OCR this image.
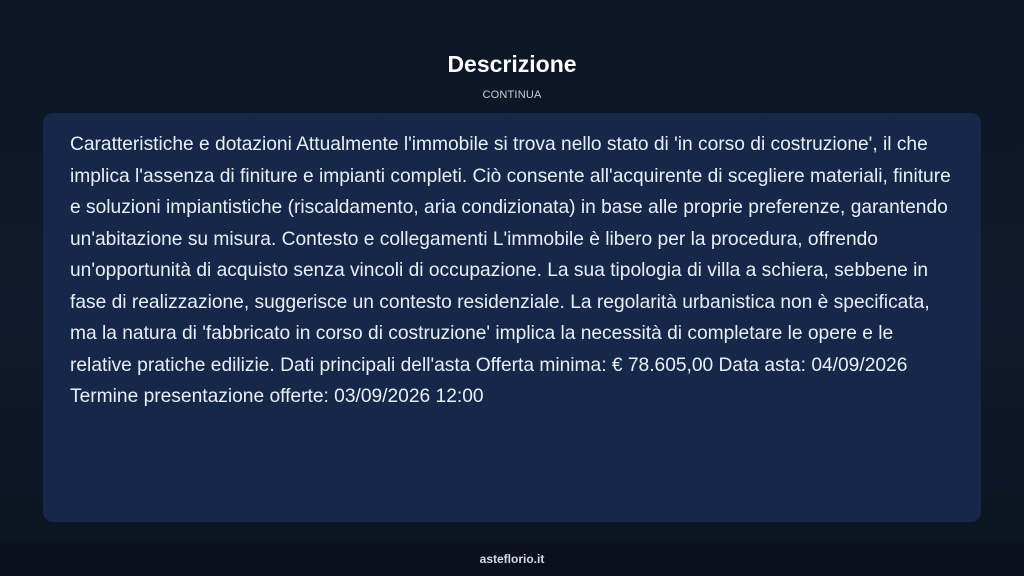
Descrizione
CONTINUA

Caratteristiche e dotazioni Attualmente l'immobile si trova nello stato di 'in corso di costruzione', il che implica l'assenza di finiture e impianti completi. Ciò consente all'acquirente di scegliere materiali, finiture e soluzioni impiantistiche (riscaldamento, aria condizionata) in base alle proprie preferenze, garantendo un'abitazione su misura. Contesto e collegamenti L'immobile è libero per la procedura, offrendo un'opportunità di acquisto senza vincoli di occupazione. La sua tipologia di villa a schiera, sebbene in fase di realizzazione, suggerisce un contesto residenziale. La regolarità urbanistica non è specificata, ma la natura di 'fabbricato in corso di costruzione' implica la necessità di completare le opere e le relative pratiche edilizie. Dati principali dell'asta Offerta minima: € 78.605,00 Data asta: 04/09/2026 Termine presentazione offerte: 03/09/2026 12:00

asteflorio.it
